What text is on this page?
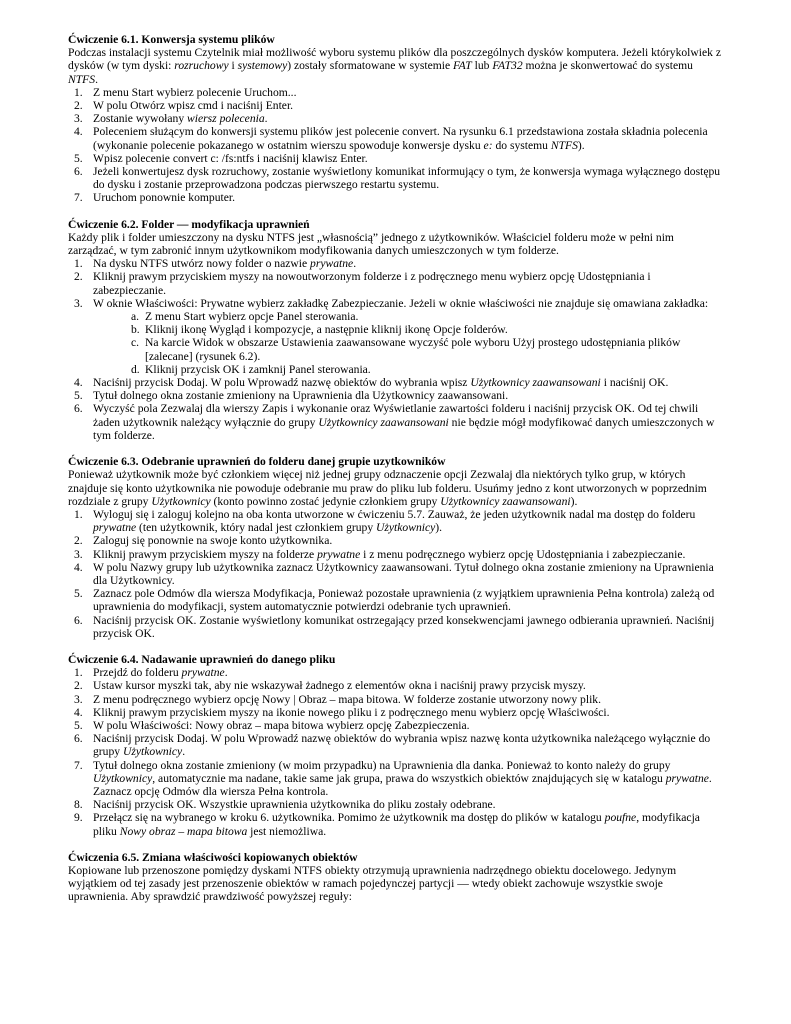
Ćwiczenie 6.1. Konwersja systemu plików

Podczas instalacji systemu Czytelnik miał możliwość wyboru systemu plików dla poszczególnych dysków komputera. Jeżeli którykolwiek z dysków (w tym dyski: rozruchowy i systemowy) zostały sformatowane w systemie FAT lub FAT32 można je skonwertować do systemu NTFS.

1. Z menu Start wybierz polecenie Uruchom...
2. W polu Otwórz wpisz cmd i naciśnij Enter.
3. Zostanie wywołany wiersz polecenia.
4. Poleceniem służącym do konwersji systemu plików jest polecenie convert. Na rysunku 6.1 przedstawiona została składnia polecenia (wykonanie polecenie pokazanego w ostatnim wierszu spowoduje konwersje dysku e: do systemu NTFS).
5. Wpisz polecenie convert c: /fs:ntfs i naciśnij klawisz Enter.
6. Jeżeli konwertujesz dysk rozruchowy, zostanie wyświetlony komunikat informujący o tym, że konwersja wymaga wyłącznego dostępu do dysku i zostanie przeprowadzona podczas pierwszego restartu systemu.
7. Uruchom ponownie komputer.
Ćwiczenie 6.2. Folder — modyfikacja uprawnień

Każdy plik i folder umieszczony na dysku NTFS jest „własnością” jednego z użytkowników. Właściciel folderu może w pełni nim zarządzać, w tym zabronić innym użytkownikom modyfikowania danych umieszczonych w tym folderze.

1. Na dysku NTFS utwórz nowy folder o nazwie prywatne.
2. Kliknij prawym przyciskiem myszy na nowoutworzonym folderze i z podręcznego menu wybierz opcję Udostępniania i zabezpieczanie.
3. W oknie Właściwości: Prywatne wybierz zakładkę Zabezpieczanie. Jeżeli w oknie właściwości nie znajduje się omawiana zakładka:
a. Z menu Start wybierz opcje Panel sterowania.
b. Kliknij ikonę Wygląd i kompozycje, a następnie kliknij ikonę Opcje folderów.
c. Na karcie Widok w obszarze Ustawienia zaawansowane wyczyść pole wyboru Użyj prostego udostępniania plików [zalecane] (rysunek 6.2).
d. Kliknij przycisk OK i zamknij Panel sterowania.
4. Naciśnij przycisk Dodaj. W polu Wprowadź nazwę obiektów do wybrania wpisz Użytkownicy zaawansowani i naciśnij OK.
5. Tytuł dolnego okna zostanie zmieniony na Uprawnienia dla Użytkownicy zaawansowani.
6. Wyczyść pola Zezwalaj dla wierszy Zapis i wykonanie oraz Wyświetlanie zawartości folderu i naciśnij przycisk OK. Od tej chwili żaden użytkownik należący wyłącznie do grupy Użytkownicy zaawansowani nie będzie mógł modyfikować danych umieszczonych w tym folderze.
Ćwiczenie 6.3. Odebranie uprawnień do folderu danej grupie uzytkowników

Ponieważ użytkownik może być członkiem więcej niż jednej grupy odznaczenie opcji Zezwalaj dla niektórych tylko grup, w których znajduje się konto użytkownika nie powoduje odebranie mu praw do pliku lub folderu. Usuńmy jedno z kont utworzonych w poprzednim rozdziale z grupy Użytkownicy (konto powinno zostać jedynie członkiem grupy Użytkownicy zaawansowani).

1. Wyloguj się i zaloguj kolejno na oba konta utworzone w ćwiczeniu 5.7. Zauważ, że jeden użytkownik nadal ma dostęp do folderu prywatne (ten użytkownik, który nadal jest członkiem grupy Użytkownicy).
2. Zaloguj się ponownie na swoje konto użytkownika.
3. Kliknij prawym przyciskiem myszy na folderze prywatne i z menu podręcznego wybierz opcję Udostępniania i zabezpieczanie.
4. W polu Nazwy grupy lub użytkownika zaznacz Użytkownicy zaawansowani. Tytuł dolnego okna zostanie zmieniony na Uprawnienia dla Użytkownicy.
5. Zaznacz pole Odmów dla wiersza Modyfikacja, Ponieważ pozostałe uprawnienia (z wyjątkiem uprawnienia Pełna kontrola) zależą od uprawnienia do modyfikacji, system automatycznie potwierdzi odebranie tych uprawnień.
6. Naciśnij przycisk OK. Zostanie wyświetlony komunikat ostrzegający przed konsekwencjami jawnego odbierania uprawnień. Naciśnij przycisk OK.
Ćwiczenie 6.4. Nadawanie uprawnień do danego pliku
1. Przejdź do folderu prywatne.
2. Ustaw kursor myszki tak, aby nie wskazywał żadnego z elementów okna i naciśnij prawy przycisk myszy.
3. Z menu podręcznego wybierz opcję Nowy | Obraz – mapa bitowa. W folderze zostanie utworzony nowy plik.
4. Kliknij prawym przyciskiem myszy na ikonie nowego pliku i z podręcznego menu wybierz opcję Właściwości.
5. W polu Właściwości: Nowy obraz – mapa bitowa wybierz opcję Zabezpieczenia.
6. Naciśnij przycisk Dodaj. W polu Wprowadź nazwę obiektów do wybrania wpisz nazwę konta użytkownika należącego wyłącznie do grupy Użytkownicy.
7. Tytuł dolnego okna zostanie zmieniony (w moim przypadku) na Uprawnienia dla danka. Ponieważ to konto należy do grupy Użytkownicy, automatycznie ma nadane, takie same jak grupa, prawa do wszystkich obiektów znajdujących się w katalogu prywatne. Zaznacz opcję Odmów dla wiersza Pełna kontrola.
8. Naciśnij przycisk OK. Wszystkie uprawnienia użytkownika do pliku zostały odebrane.
9. Przełącz się na wybranego w kroku 6. użytkownika. Pomimo że użytkownik ma dostęp do plików w katalogu poufne, modyfikacja pliku Nowy obraz – mapa bitowa jest niemożliwa.
Ćwiczenia 6.5. Zmiana właściwości kopiowanych obiektów

Kopiowane lub przenoszone pomiędzy dyskami NTFS obiekty otrzymują uprawnienia nadrzędnego obiektu docelowego. Jedynym wyjątkiem od tej zasady jest przenoszenie obiektów w ramach pojedynczej partycji — wtedy obiekt zachowuje wszystkie swoje uprawnienia. Aby sprawdzić prawdziwość powyższej reguły:
